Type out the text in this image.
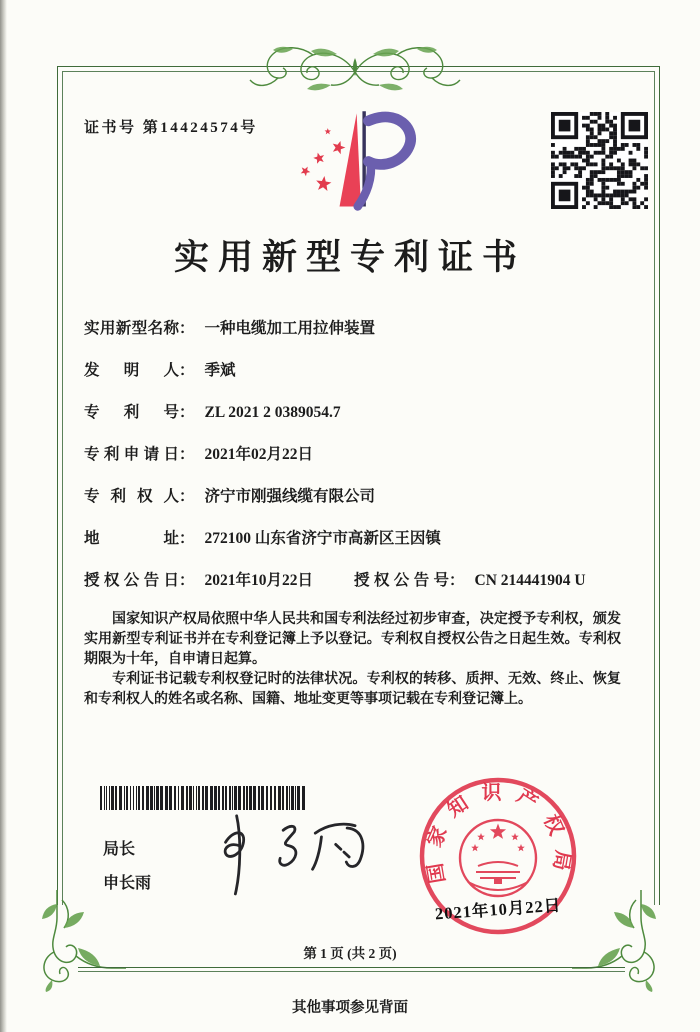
证书号 第14424574号
实用新型专利证书
实用新型名称： 一种电缆加工用拉伸装置
发明人： 季斌
专利号： ZL 2021 2 0389054.7
专利申请日： 2021年02月22日
专利权人： 济宁市刚强线缆有限公司
地址： 272100 山东省济宁市高新区王因镇
授权公告日： 2021年10月22日	授权公告号： CN 214441904 U

国家知识产权局依照中华人民共和国专利法经过初步审查，决定授予专利权，颁发实用新型专利证书并在专利登记簿上予以登记。专利权自授权公告之日起生效。专利权期限为十年，自申请日起算。

专利证书记载专利权登记时的法律状况。专利权的转移、质押、无效、终止、恢复和专利权人的姓名或名称、国籍、地址变更等事项记载在专利登记簿上。

局长
申长雨	国家知识产权局
2021年10月22日
第 1 页 (共 2 页)
其他事项参见背面
